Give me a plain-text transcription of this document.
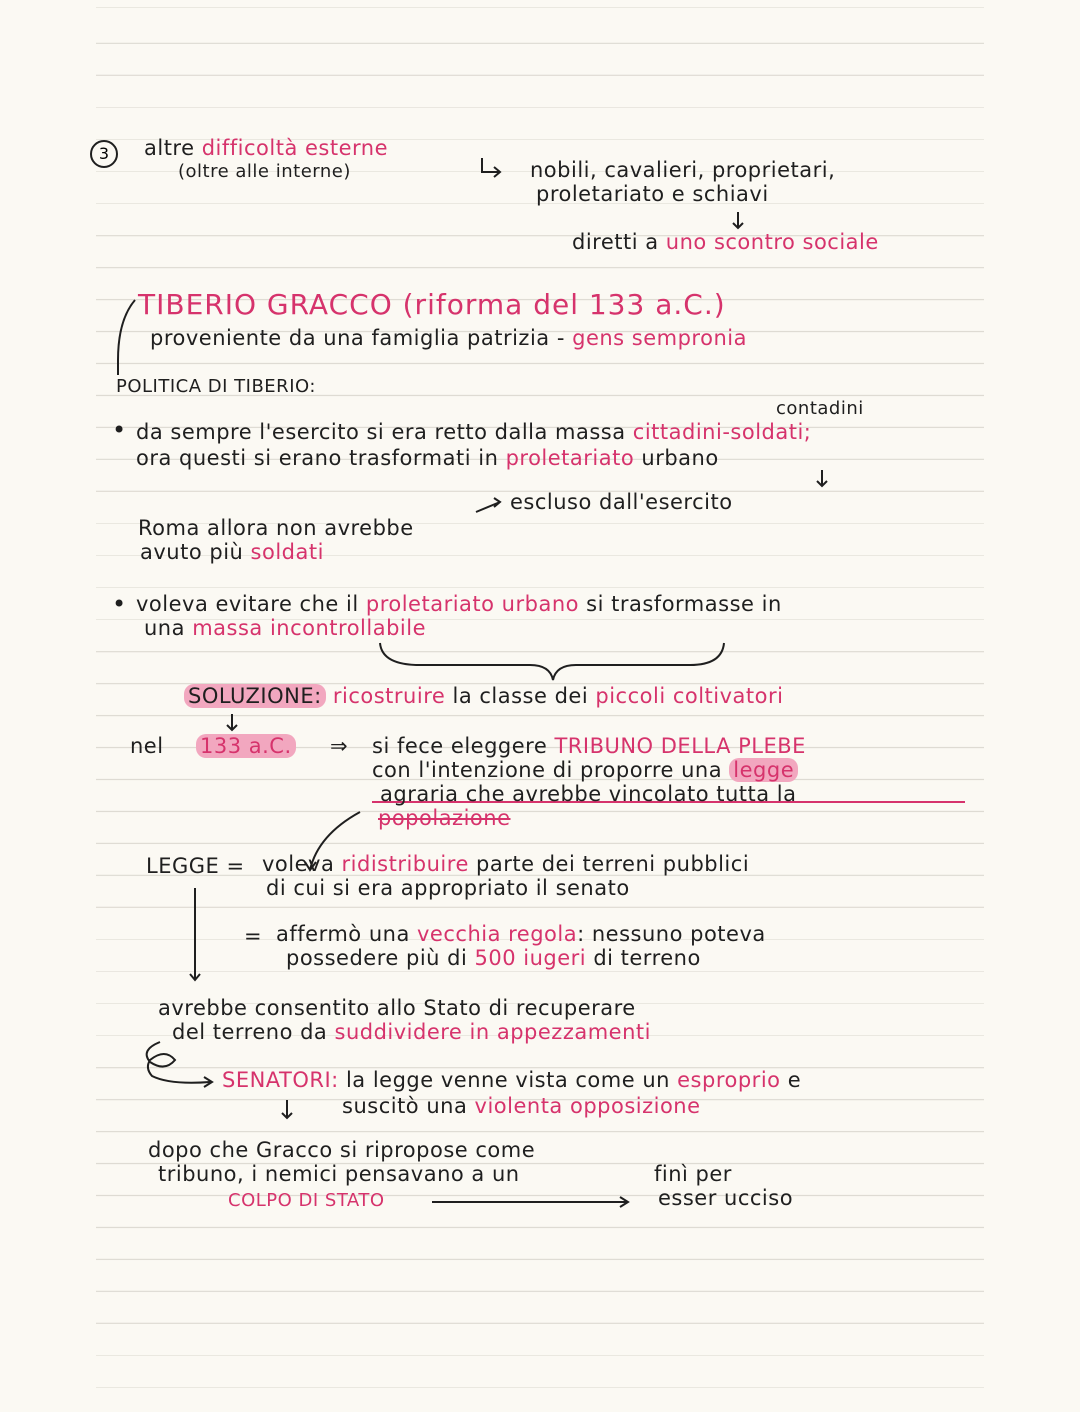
3	altre difficoltà esterne
(oltre alle interne)	nobili, cavalieri, proprietari,
proletariato e schiavi
diretti a uno scontro sociale
TIBERIO GRACCO (riforma del 133 a.C.)
proveniente da una famiglia patrizia - gens sempronia
POLITICA DI TIBERIO:
contadini
• da sempre l'esercito si era retto dalla massa cittadini-soldati;
ora questi si erano trasformati in proletariato urbano
escluso dall'esercito
Roma allora non avrebbe
avuto più soldati
• voleva evitare che il proletariato urbano si trasformasse in
una massa incontrollabile
SOLUZIONE: ricostruire la classe dei piccoli coltivatori
nel 133 a.C. ⇒ si fece eleggere TRIBUNO DELLA PLEBE
con l'intenzione di proporre una legge
agraria che avrebbe vincolato tutta la
popolazione
LEGGE = voleva ridistribuire parte dei terreni pubblici
di cui si era appropriato il senato
= affermò una vecchia regola: nessuno poteva
possedere più di 500 iugeri di terreno
avrebbe consentito allo Stato di recuperare
del terreno da suddividere in appezzamenti
SENATORI: la legge venne vista come un esproprio e
suscitò una violenta opposizione
dopo che Gracco si ripropose come
tribuno, i nemici pensavano a un
COLPO DI STATO
finì per
esser ucciso
